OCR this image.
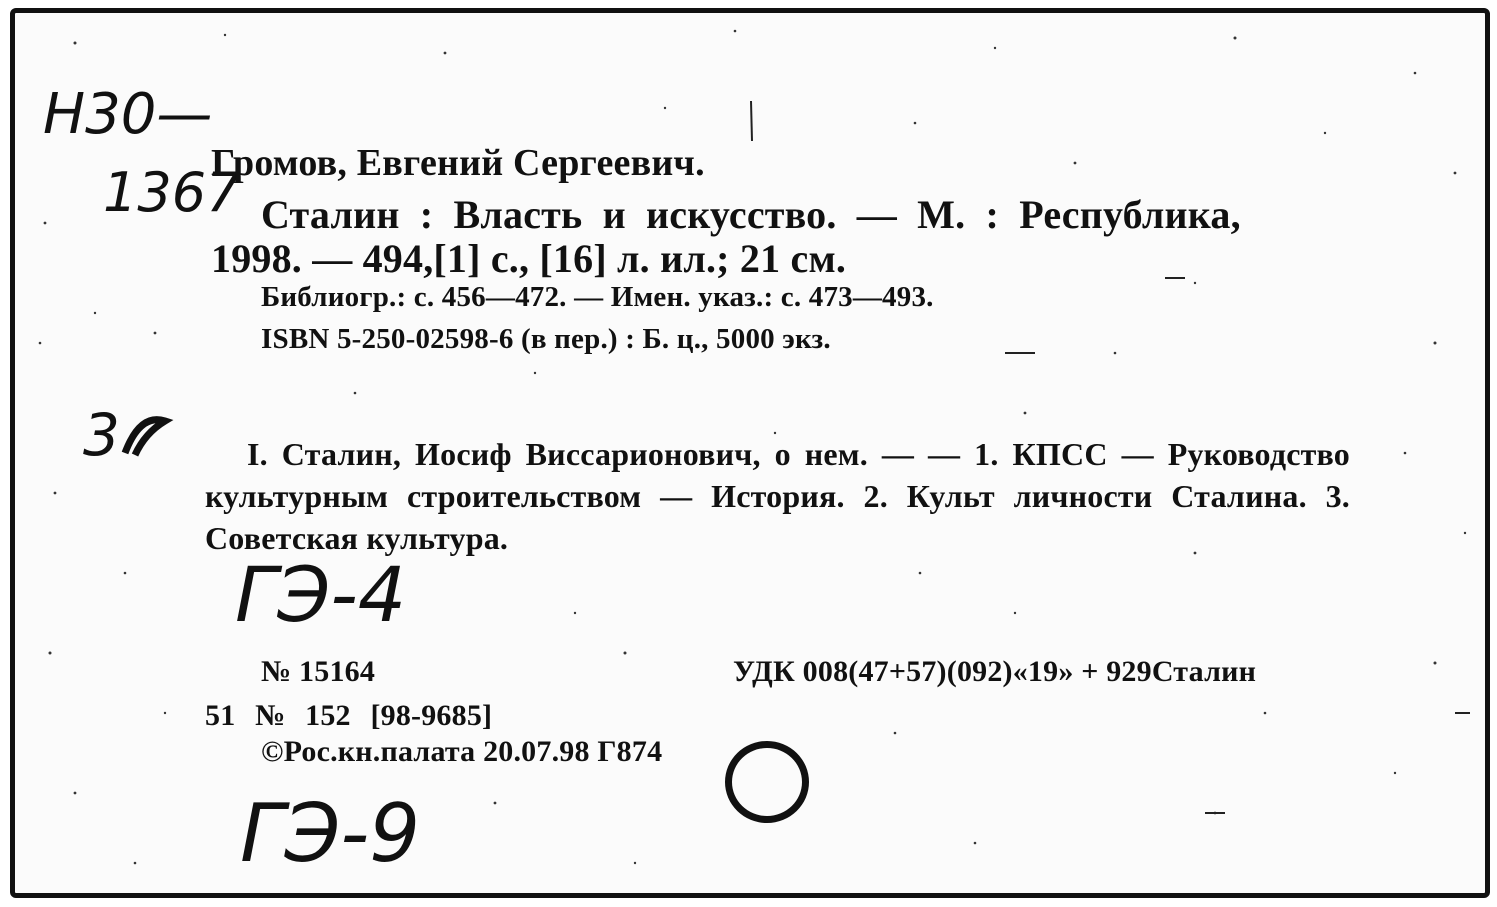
Н30—
1367
3
Громов, Евгений Сергеевич.
Сталин : Власть и искусство. — М. : Республика,
1998. — 494,[1] с., [16] л. ил.; 21 см.
Библиогр.: с. 456—472. — Имен. указ.: с. 473—493.
ISBN 5-250-02598-6 (в пер.) : Б. ц., 5000 экз.
I. Сталин, Иосиф Виссарионович, о нем. — — 1. КПСС — Руководство культурным строительством — История. 2. Культ личности Сталина. 3. Советская культура.
ГЭ-4
№ 15164	УДК 008(47+57)(092)«19» + 929Сталин
51 № 152 [98-9685]
©Рос.кн.палата 20.07.98 Г874
ГЭ-9
